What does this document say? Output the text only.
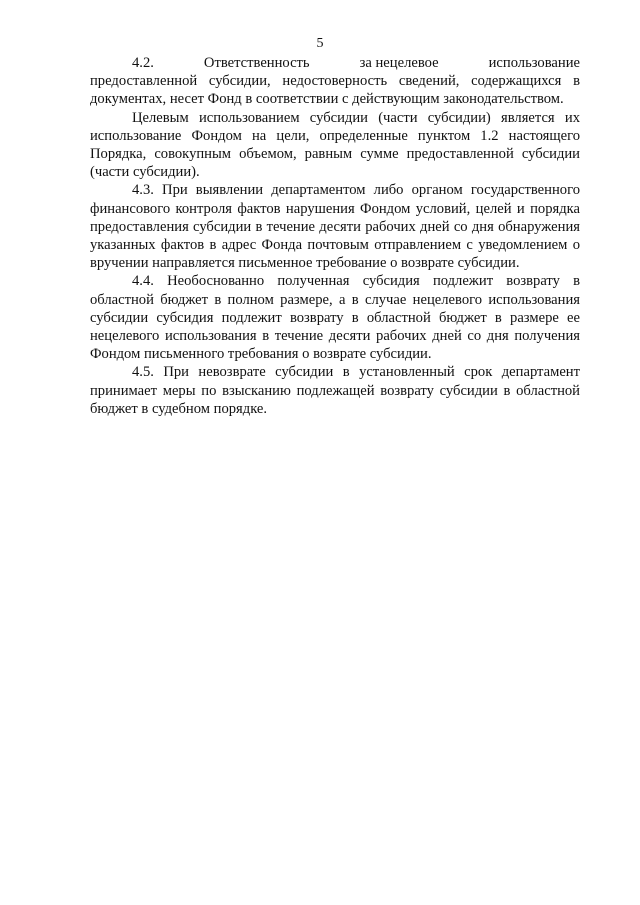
5
4.2.	Ответственность	за нецелевое	использование

предоставленной субсидии, недостоверность сведений, содержащихся в документах, несет Фонд в соответствии с действующим законодательством.

Целевым использованием субсидии (части субсидии) является их использование Фондом на цели, определенные пунктом 1.2 настоящего Порядка, совокупным объемом, равным сумме предоставленной субсидии (части субсидии).

4.3. При выявлении департаментом либо органом государственного финансового контроля фактов нарушения Фондом условий, целей и порядка предоставления субсидии в течение десяти рабочих дней со дня обнаружения указанных фактов в адрес Фонда почтовым отправлением с уведомлением о вручении направляется письменное требование о возврате субсидии.

4.4. Необоснованно полученная субсидия подлежит возврату в областной бюджет в полном размере, а в случае нецелевого использования субсидии субсидия подлежит возврату в областной бюджет в размере ее нецелевого использования в течение десяти рабочих дней со дня получения Фондом письменного требования о возврате субсидии.

4.5. При невозврате субсидии в установленный срок департамент принимает меры по взысканию подлежащей возврату субсидии в областной бюджет в судебном порядке.
